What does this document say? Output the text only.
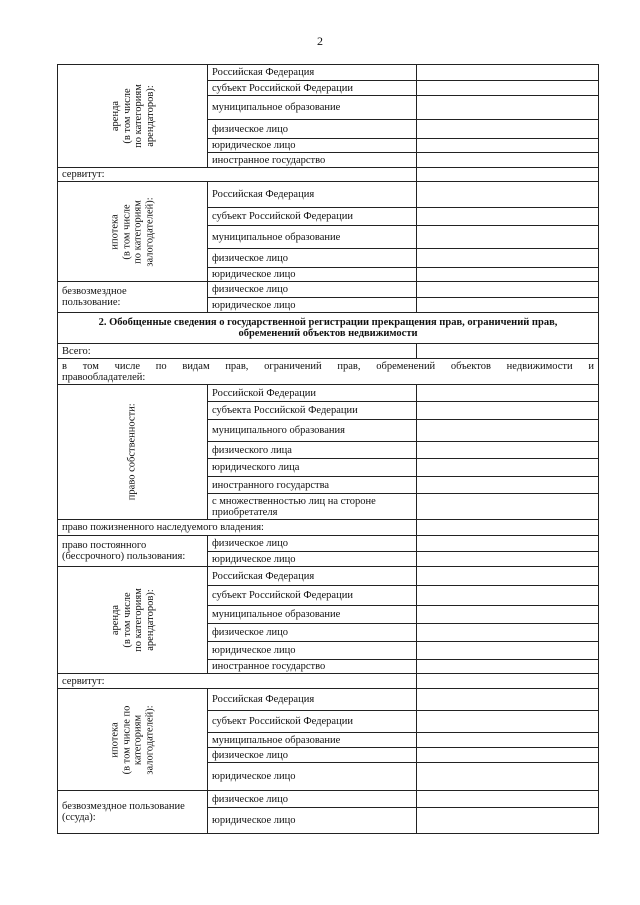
2
аренда
(в том числе
по категориям
арендаторов):	Российская Федерация	
	субъект Российской Федерации	
	муниципальное образование	
	физическое лицо	
	юридическое лицо	
	иностранное государство	
сервитут:		
ипотека
(в том числе
по категориям
залогодателей):	Российская Федерация	
	субъект Российской Федерации	
	муниципальное образование	
	физическое лицо	
	юридическое лицо	
безвозмездное
пользование:	физическое лицо	
	юридическое лицо	
2. Обобщенные сведения о государственной регистрации прекращения прав, ограничений прав,
обременений объектов недвижимости		
Всего:		

в том числе по видам прав, ограничений прав, обременений объектов недвижимости и
правообладателей:		

право собственности:	Российской Федерации	
	субъекта Российской Федерации	
	муниципального образования	
	физического лица	
	юридического лица	
	иностранного государства	
	с множественностью лиц на стороне
приобретателя	
право пожизненного наследуемого владения:		
право постоянного
(бессрочного) пользования:	физическое лицо	
	юридическое лицо	
аренда
(в том числе
по категориям
арендаторов):	Российская Федерация	
	субъект Российской Федерации	
	муниципальное образование	
	физическое лицо	
	юридическое лицо	
	иностранное государство	
сервитут:		
ипотека
(в том числе по
категориям
залогодателей):	Российская Федерация	
	субъект Российской Федерации	
	муниципальное образование	
	физическое лицо	
	юридическое лицо	
безвозмездное пользование
(ссуда):	физическое лицо	
	юридическое лицо	
